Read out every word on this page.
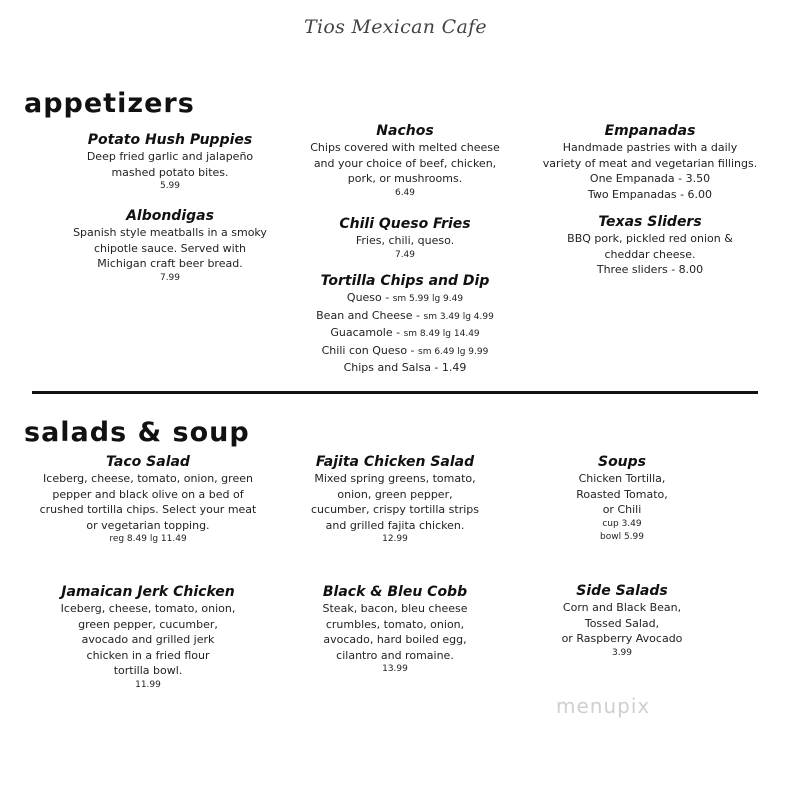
Tios Mexican Cafe
appetizers
Potato Hush Puppies
Deep fried garlic and jalapeño
mashed potato bites.
5.99
Albondigas
Spanish style meatballs in a smoky
chipotle sauce. Served with
Michigan craft beer bread.
7.99
Nachos
Chips covered with melted cheese
and your choice of beef, chicken,
pork, or mushrooms.
6.49
Chili Queso Fries
Fries, chili, queso.
7.49
Tortilla Chips and Dip
Queso - sm 5.99 lg 9.49
Bean and Cheese - sm 3.49 lg 4.99
Guacamole - sm 8.49 lg 14.49
Chili con Queso - sm 6.49 lg 9.99
Chips and Salsa - 1.49
Empanadas
Handmade pastries with a daily
variety of meat and vegetarian fillings.
One Empanada - 3.50
Two Empanadas - 6.00
Texas Sliders
BBQ pork, pickled red onion &
cheddar cheese.
Three sliders - 8.00
salads & soup
Taco Salad
Iceberg, cheese, tomato, onion, green
pepper and black olive on a bed of
crushed tortilla chips. Select your meat
or vegetarian topping.
reg 8.49 lg 11.49
Fajita Chicken Salad
Mixed spring greens, tomato,
onion, green pepper,
cucumber, crispy tortilla strips
and grilled fajita chicken.
12.99
Soups
Chicken Tortilla,
Roasted Tomato,
or Chili
cup 3.49
bowl 5.99
Jamaican Jerk Chicken
Iceberg, cheese, tomato, onion,
green pepper, cucumber,
avocado and grilled jerk
chicken in a fried flour
tortilla bowl.
11.99
Black & Bleu Cobb
Steak, bacon, bleu cheese
crumbles, tomato, onion,
avocado, hard boiled egg,
cilantro and romaine.
13.99
Side Salads
Corn and Black Bean,
Tossed Salad,
or Raspberry Avocado
3.99
menupix
